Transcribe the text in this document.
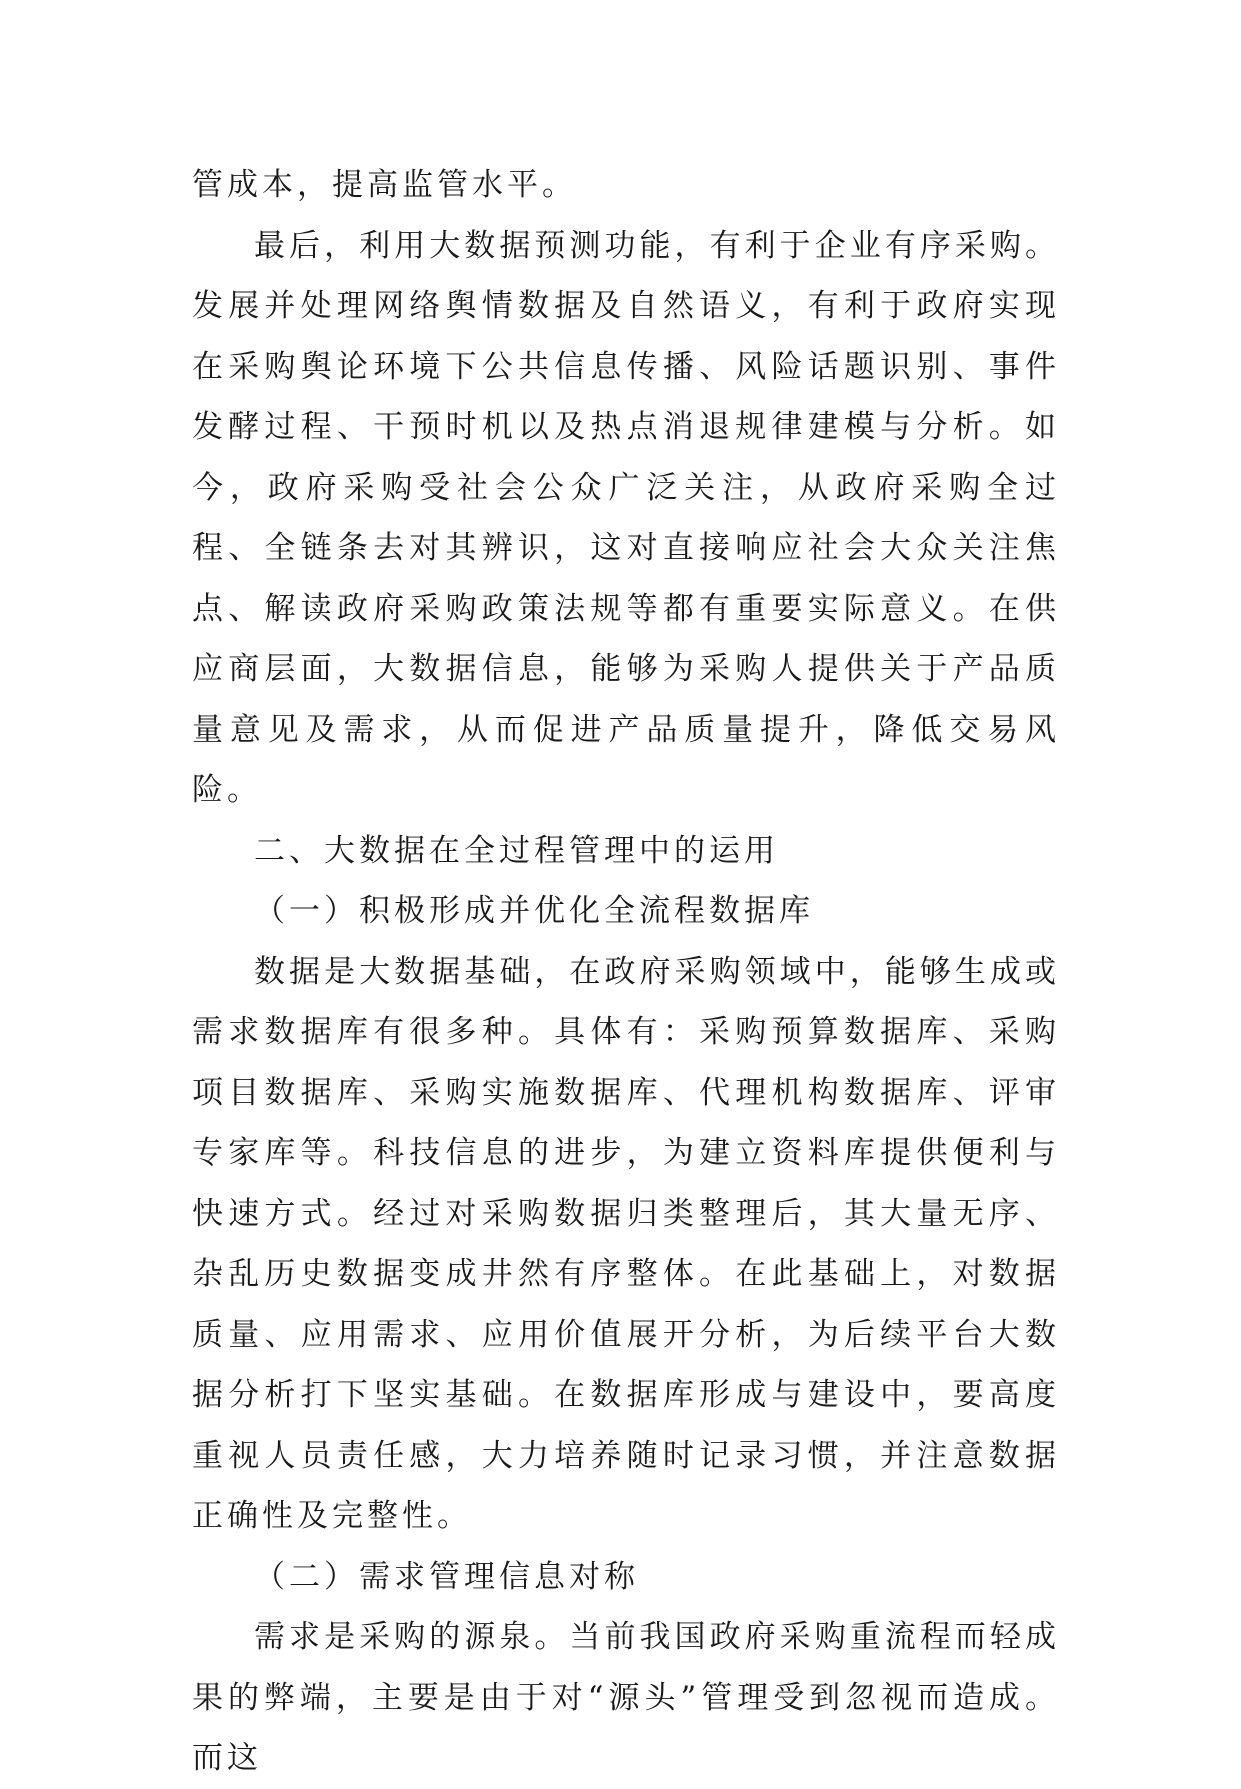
管成本，提高监管水平。

最后，利用大数据预测功能，有利于企业有序采购。发展并处理网络舆情数据及自然语义，有利于政府实现在采购舆论环境下公共信息传播、风险话题识别、事件发酵过程、干预时机以及热点消退规律建模与分析。如今，政府采购受社会公众广泛关注，从政府采购全过程、全链条去对其辨识，这对直接响应社会大众关注焦点、解读政府采购政策法规等都有重要实际意义。在供应商层面，大数据信息，能够为采购人提供关于产品质量意见及需求，从而促进产品质量提升，降低交易风险。

二、大数据在全过程管理中的运用

（一）积极形成并优化全流程数据库

数据是大数据基础，在政府采购领域中，能够生成或需求数据库有很多种。具体有：采购预算数据库、采购项目数据库、采购实施数据库、代理机构数据库、评审专家库等。科技信息的进步，为建立资料库提供便利与快速方式。经过对采购数据归类整理后，其大量无序、杂乱历史数据变成井然有序整体。在此基础上，对数据质量、应用需求、应用价值展开分析，为后续平台大数据分析打下坚实基础。在数据库形成与建设中，要高度重视人员责任感，大力培养随时记录习惯，并注意数据正确性及完整性。

（二）需求管理信息对称

需求是采购的源泉。当前我国政府采购重流程而轻成果的弊端，主要是由于对“源头”管理受到忽视而造成。而这
